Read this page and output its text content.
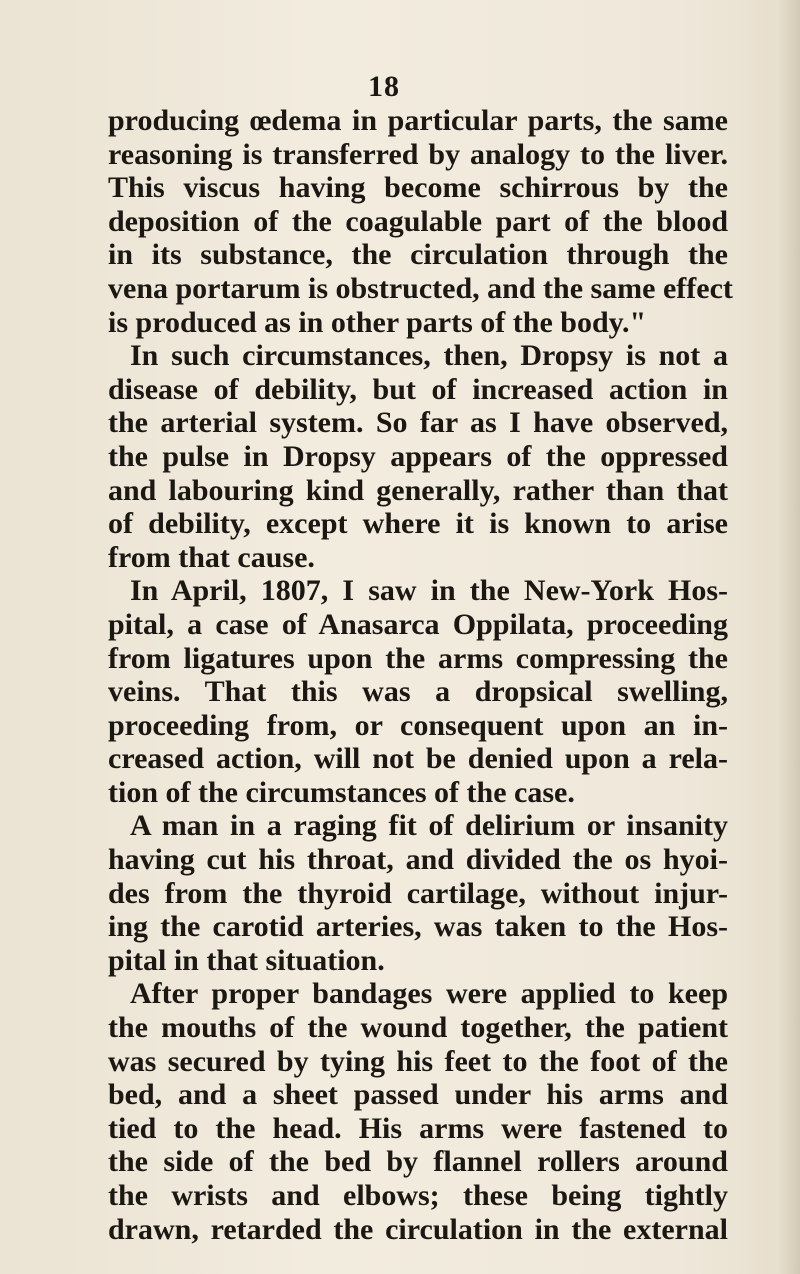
18
producing œdema in particular parts, the same
reasoning is transferred by analogy to the liver.
This viscus having become schirrous by the
deposition of the coagulable part of the blood
in its substance, the circulation through the
vena portarum is obstructed, and the same effect
is produced as in other parts of the body."
In such circumstances, then, Dropsy is not a
disease of debility, but of increased action in
the arterial system. So far as I have observed,
the pulse in Dropsy appears of the oppressed
and labouring kind generally, rather than that
of debility, except where it is known to arise
from that cause.
In April, 1807, I saw in the New-York Hos-
pital, a case of Anasarca Oppilata, proceeding
from ligatures upon the arms compressing the
veins. That this was a dropsical swelling,
proceeding from, or consequent upon an in-
creased action, will not be denied upon a rela-
tion of the circumstances of the case.
A man in a raging fit of delirium or insanity
having cut his throat, and divided the os hyoi-
des from the thyroid cartilage, without injur-
ing the carotid arteries, was taken to the Hos-
pital in that situation.
After proper bandages were applied to keep
the mouths of the wound together, the patient
was secured by tying his feet to the foot of the
bed, and a sheet passed under his arms and
tied to the head. His arms were fastened to
the side of the bed by flannel rollers around
the wrists and elbows; these being tightly
drawn, retarded the circulation in the external
